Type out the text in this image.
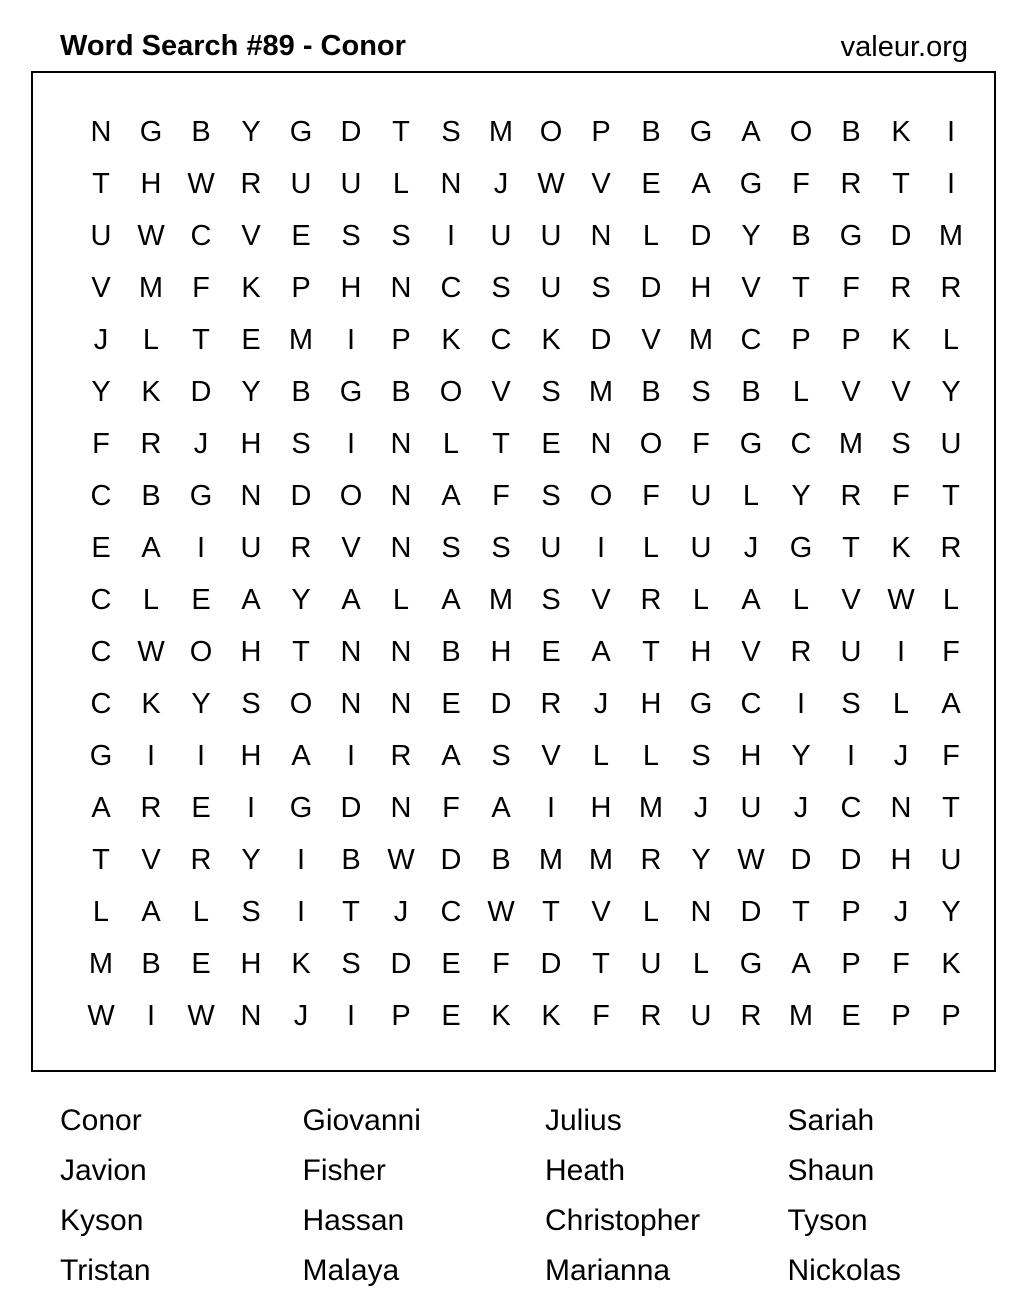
Word Search #89 - Conor	valeur.org
N G	B	Y	G D	T	S M O	P	B	G	A	O	B	K	I
T	H W R	U	U	L	N	J	W V	E	A	G	F	R	T	I
U W C	V	E	S	S	I	U	U	N	L	D	Y	B	G D M
V M	F	K	P	H	N	C	S	U	S	D	H	V	T	F	R	R
J	L	T	E M	I	P	K	C	K	D	V M C	P	P	K	L
Y	K	D	Y	B	G	B	O	V	S M B	S	B	L	V	V	Y
F	R	J	H	S	I	N	L	T	E	N O	F	G C M S	U
C	B	G N	D O N	A	F	S	O	F	U	L	Y	R	F	T
E	A	I	U	R	V	N	S	S	U	I	L	U	J	G	T	K	R
C	L	E	A	Y	A	L	A M S	V	R	L	A	L	V W L
C W O H	T	N	N	B	H	E	A	T	H	V	R	U	I	F
C	K	Y	S	O N	N	E	D	R	J	H G C	I	S	L	A
G	I	I	H	A	I	R	A	S	V	L	L	S	H	Y	I	J	F
A	R	E	I	G D	N	F	A	I	H M	J	U	J	C	N	T
T	V	R	Y	I	B W D	B M M R	Y W D	D	H	U
L	A	L	S	I	T	J	C W T	V	L	N	D	T	P	J	Y
M B	E	H	K	S	D	E	F	D	T	U	L	G	A	P	F	K
W	I	W N	J	I	P	E	K	K	F	R	U	R M E	P	P
Conor	Giovanni	Julius	Sariah
Javion	Fisher	Heath	Shaun
Kyson	Hassan	Christopher	Tyson
Tristan	Malaya	Marianna	Nickolas
